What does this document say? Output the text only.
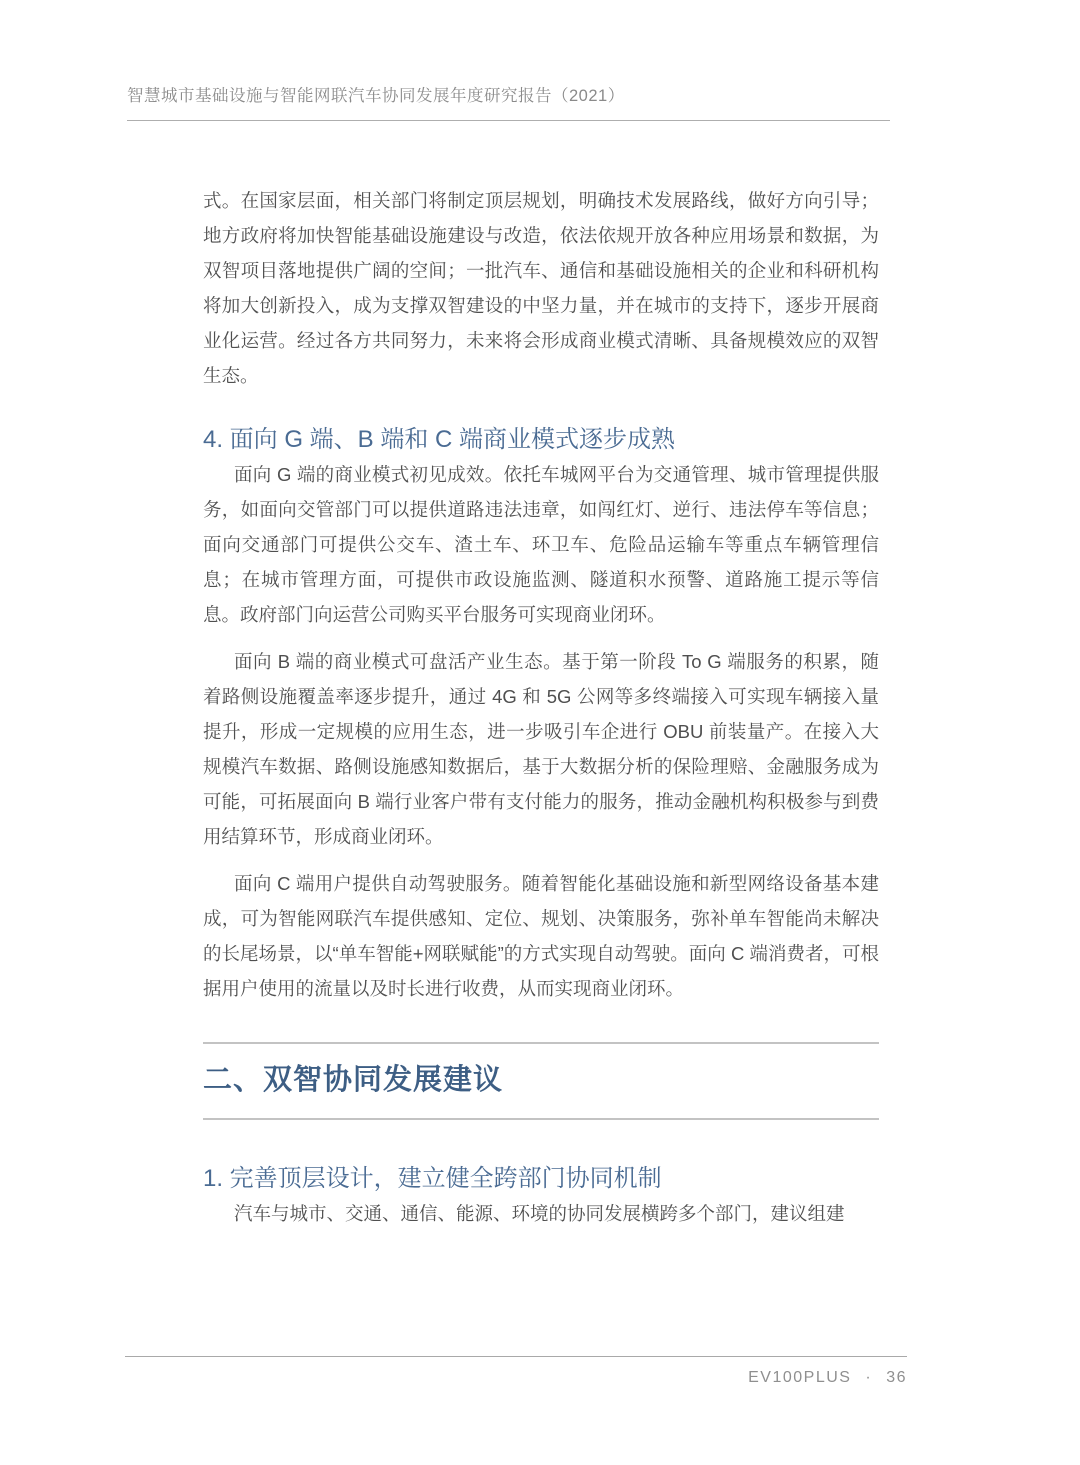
智慧城市基础设施与智能网联汽车协同发展年度研究报告（2021）

式。在国家层面，相关部门将制定顶层规划，明确技术发展路线，做好方向引导；地方政府将加快智能基础设施建设与改造，依法依规开放各种应用场景和数据，为双智项目落地提供广阔的空间；一批汽车、通信和基础设施相关的企业和科研机构将加大创新投入，成为支撑双智建设的中坚力量，并在城市的支持下，逐步开展商业化运营。经过各方共同努力，未来将会形成商业模式清晰、具备规模效应的双智生态。

4. 面向 G 端、B 端和 C 端商业模式逐步成熟

面向 G 端的商业模式初见成效。依托车城网平台为交通管理、城市管理提供服务，如面向交管部门可以提供道路违法违章，如闯红灯、逆行、违法停车等信息；面向交通部门可提供公交车、渣土车、环卫车、危险品运输车等重点车辆管理信息；在城市管理方面，可提供市政设施监测、隧道积水预警、道路施工提示等信息。政府部门向运营公司购买平台服务可实现商业闭环。

面向 B 端的商业模式可盘活产业生态。基于第一阶段 To G 端服务的积累，随着路侧设施覆盖率逐步提升，通过 4G 和 5G 公网等多终端接入可实现车辆接入量提升，形成一定规模的应用生态，进一步吸引车企进行 OBU 前装量产。在接入大规模汽车数据、路侧设施感知数据后，基于大数据分析的保险理赔、金融服务成为可能，可拓展面向 B 端行业客户带有支付能力的服务，推动金融机构积极参与到费用结算环节，形成商业闭环。

面向 C 端用户提供自动驾驶服务。随着智能化基础设施和新型网络设备基本建成，可为智能网联汽车提供感知、定位、规划、决策服务，弥补单车智能尚未解决的长尾场景，以“单车智能+网联赋能”的方式实现自动驾驶。面向 C 端消费者，可根据用户使用的流量以及时长进行收费，从而实现商业闭环。

二、双智协同发展建议
1. 完善顶层设计，建立健全跨部门协同机制

汽车与城市、交通、通信、能源、环境的协同发展横跨多个部门，建议组建

EV100PLUS · 36
